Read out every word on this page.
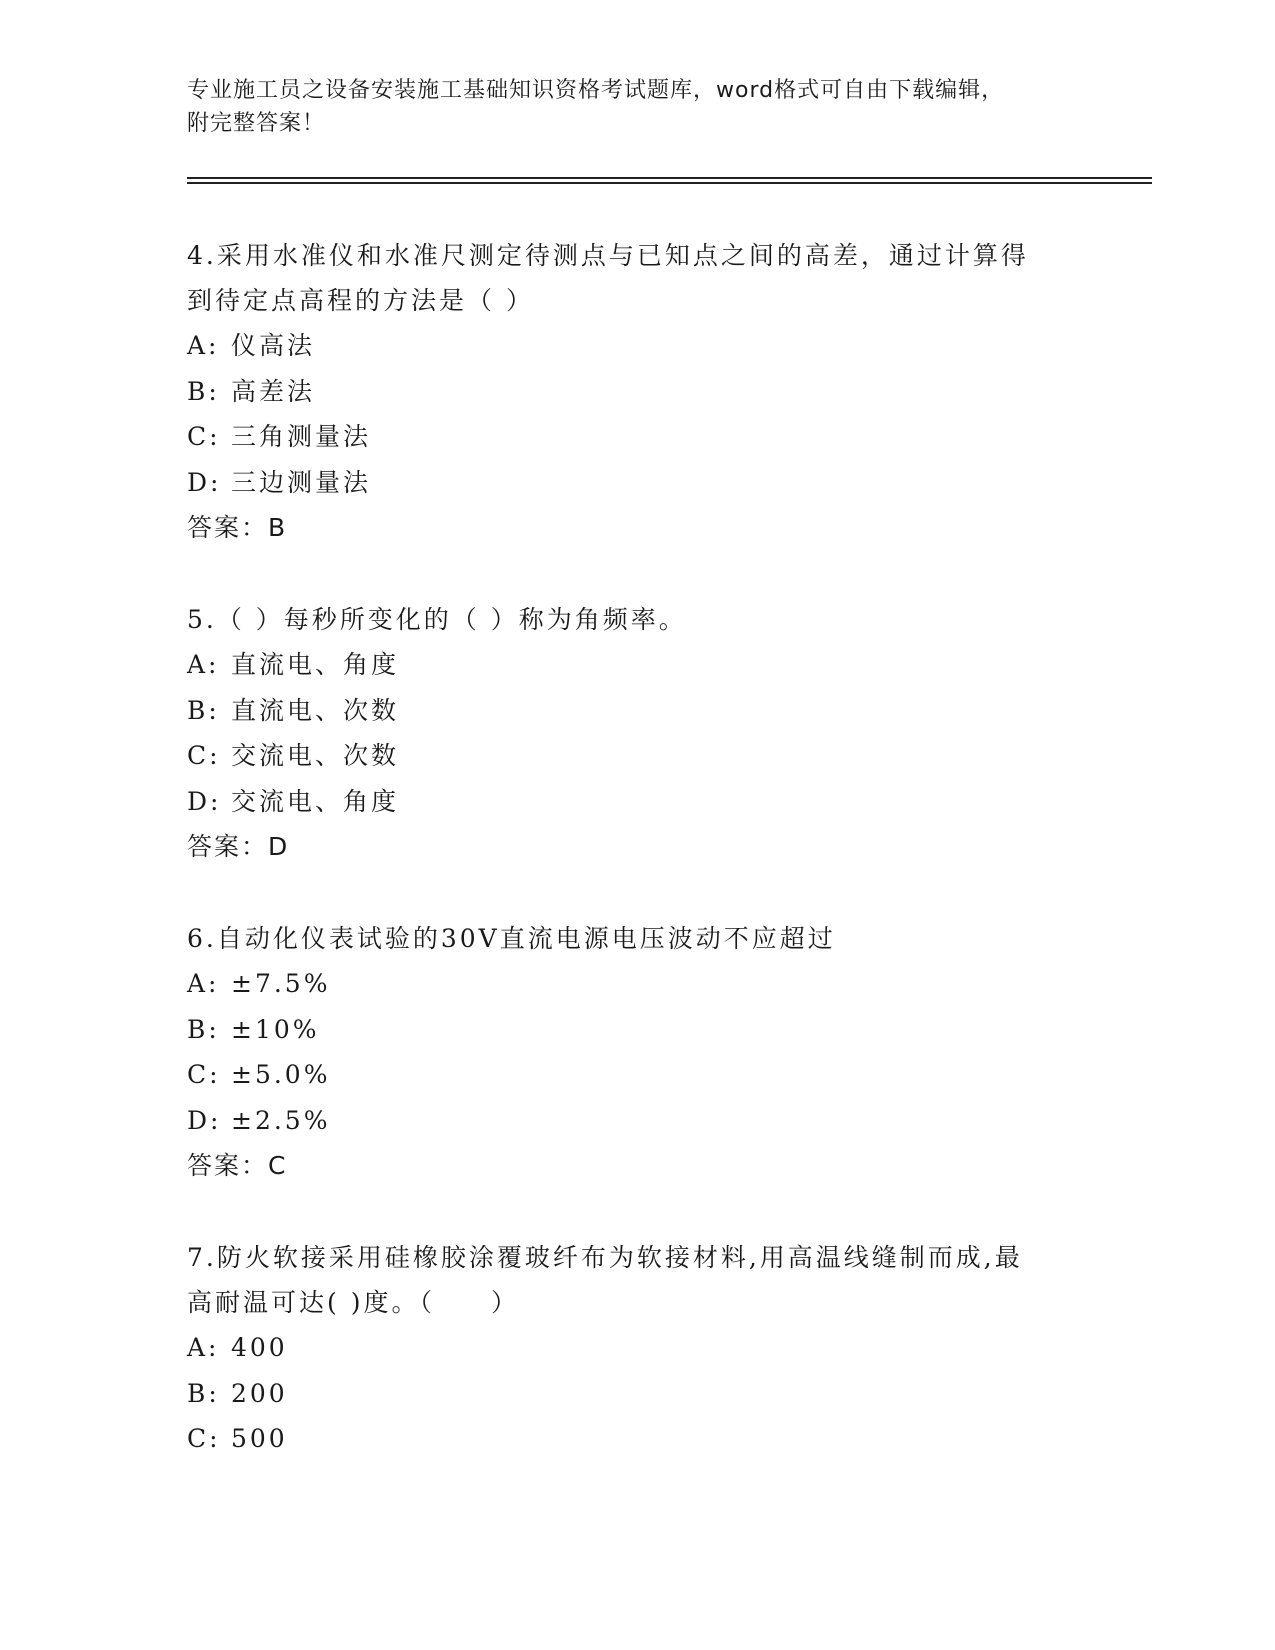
专业施工员之设备安装施工基础知识资格考试题库，word格式可自由下载编辑，
附完整答案！
4.采用水准仪和水准尺测定待测点与已知点之间的高差，通过计算得
到待定点高程的方法是（ ）
A: 仪高法
B: 高差法
C: 三角测量法
D: 三边测量法
答案：B
5.（ ）每秒所变化的（ ）称为角频率。
A: 直流电、角度
B: 直流电、次数
C: 交流电、次数
D: 交流电、角度
答案：D
6.自动化仪表试验的30V直流电源电压波动不应超过
A: ±7.5%
B: ±10%
C: ±5.0%
D: ±2.5%
答案：C
7.防火软接采用硅橡胶涂覆玻纤布为软接材料,用高温线缝制而成,最
高耐温可达( )度。（　　）
A: 400
B: 200
C: 500
